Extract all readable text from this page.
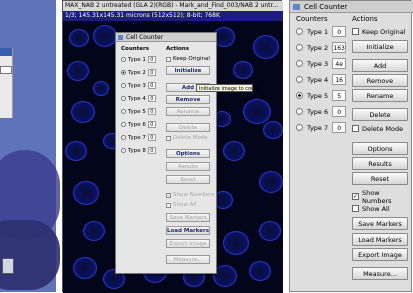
MAX_NAB 2 untreated (GLA 2)(RGB) - Mark_and_Find_003/NAB 2 untr...
1/3; 145.31x145.31 microns (512x512); 8-bit; 768K
Cell Counter
Counters	Actions
Type 1 0
Type 2 0
Type 3 0
Type 4 0
Type 5 0
Type 6 0
Type 7 0
Type 8 0
Keep Original
Initialize
Add
Remove
Rename
Delete
Delete Mode
Options
Results
Reset
✓ Show Numbers
Show All
Save Markers
Load Markers
Export Image
Measure...
Initialize image to count
Cell Counter
Counters	Actions
Type 1	0
Type 2 163
Type 3	4e
Type 4	16
Type 5	5
Type 6	0
Type 7	0
Keep Original
Initialize
Add
Remove
Rename
Delete
Delete Mode
Options
Results
Reset
✓ Show Numbers
Show All
Save Markers
Load Markers
Export Image
Measure...
